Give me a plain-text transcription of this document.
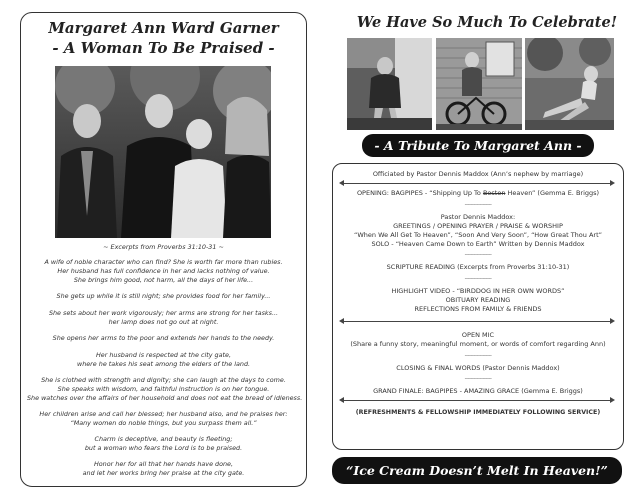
Margaret Ann Ward Garner
- A Woman To Be Praised -
~ Excerpts from Proverbs 31:10-31 ~
A wife of noble character who can find? She is worth far more than rubies.
Her husband has full confidence in her and lacks nothing of value.
She brings him good, not harm, all the days of her life...
She gets up while it is still night; she provides food for her family...
She sets about her work vigorously; her arms are strong for her tasks...
her lamp does not go out at night.
She opens her arms to the poor and extends her hands to the needy.
Her husband is respected at the city gate,
where he takes his seat among the elders of the land.
She is clothed with strength and dignity; she can laugh at the days to come.
She speaks with wisdom, and faithful instruction is on her tongue.
She watches over the affairs of her household and does not eat the bread of idleness.
Her children arise and call her blessed; her husband also, and he praises her:
“Many women do noble things, but you surpass them all.”
Charm is deceptive, and beauty is fleeting;
but a woman who fears the Lord is to be praised.
Honor her for all that her hands have done,
and let her works bring her praise at the city gate.
We Have So Much To Celebrate!
- A Tribute To Margaret Ann -
Officiated by Pastor Dennis Maddox (Ann’s nephew by marriage)
OPENING: BAGPIPES - “Shipping Up To Boston Heaven” (Gemma E. Briggs)
------------------
Pastor Dennis Maddox:
GREETINGS / OPENING PRAYER / PRAISE & WORSHIP
“When We All Get To Heaven”, “Soon And Very Soon”, “How Great Thou Art”
SOLO - “Heaven Came Down to Earth” Written by Dennis Maddox
------------------
SCRIPTURE READING (Excerpts from Proverbs 31:10-31)
------------------
HIGHLIGHT VIDEO - “BIRDDOG IN HER OWN WORDS”
OBITUARY READING
REFLECTIONS FROM FAMILY & FRIENDS
OPEN MIC
(Share a funny story, meaningful moment, or words of comfort regarding Ann)
------------------
CLOSING & FINAL WORDS (Pastor Dennis Maddox)
------------------
GRAND FINALE: BAGPIPES - AMAZING GRACE (Gemma E. Briggs)
(REFRESHMENTS & FELLOWSHIP IMMEDIATELY FOLLOWING SERVICE)
“Ice Cream Doesn’t Melt In Heaven!”
